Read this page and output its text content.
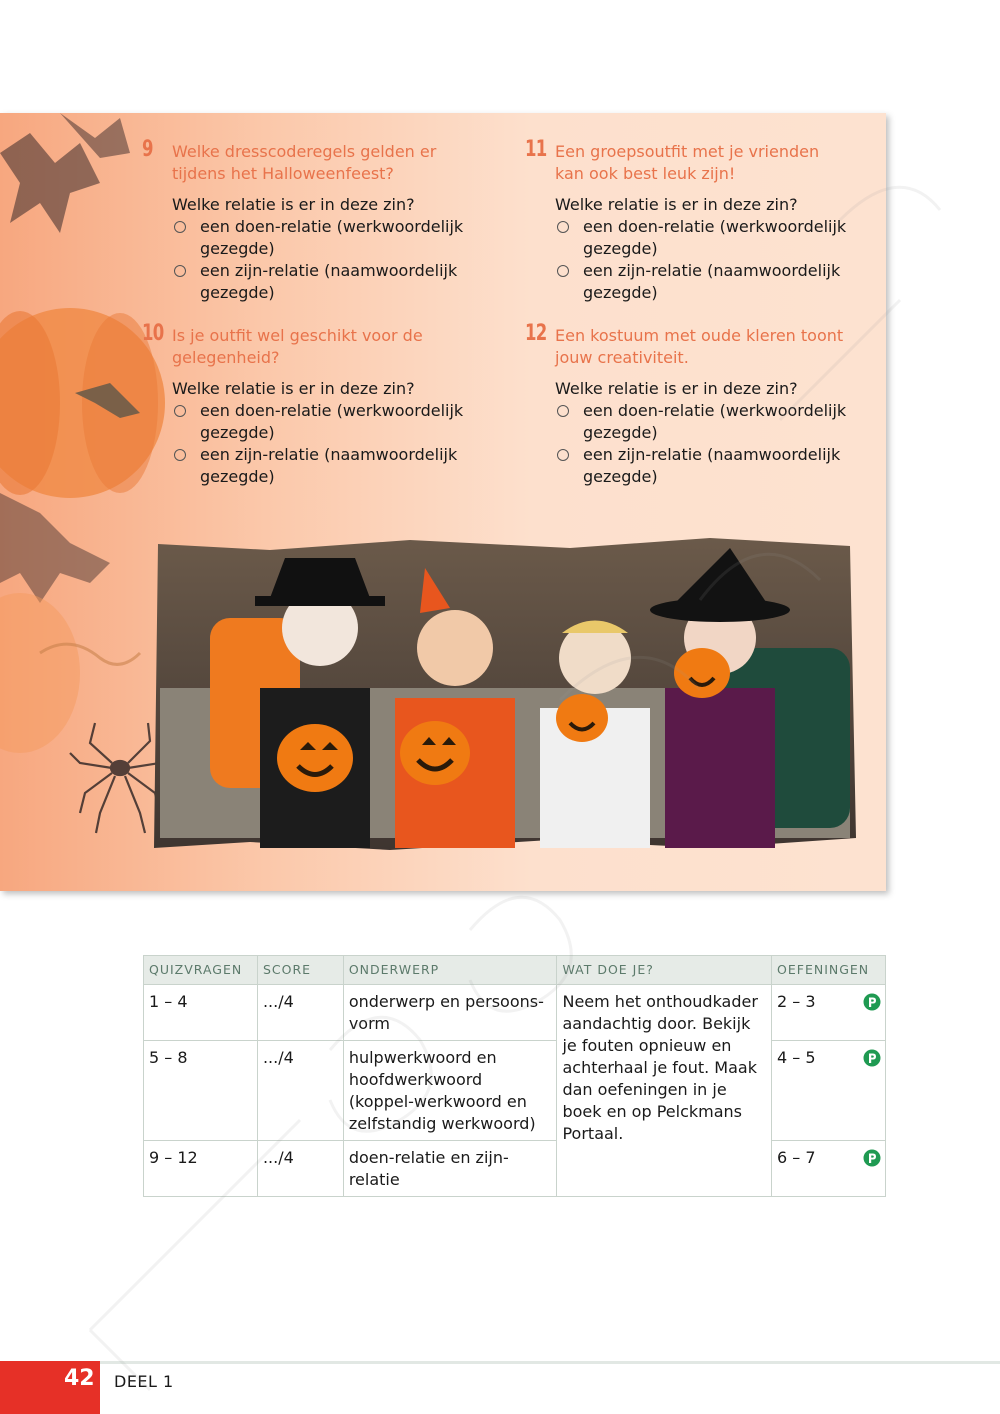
9 Welke dresscoderegels gelden er tijdens het Halloweenfeest?

Welke relatie is er in deze zin?

een doen-relatie (werkwoordelijk gezegde)
een zijn-relatie (naamwoordelijk gezegde)
11 Een groepsoutfit met je vrienden kan ook best leuk zijn!

Welke relatie is er in deze zin?

een doen-relatie (werkwoordelijk gezegde)
een zijn-relatie (naamwoordelijk gezegde)
10 Is je outfit wel geschikt voor de gelegenheid?

Welke relatie is er in deze zin?

een doen-relatie (werkwoordelijk gezegde)
een zijn-relatie (naamwoordelijk gezegde)
12 Een kostuum met oude kleren toont jouw creativiteit.

Welke relatie is er in deze zin?

een doen-relatie (werkwoordelijk gezegde)
een zijn-relatie (naamwoordelijk gezegde)
QUIZVRAGEN	SCORE	ONDERWERP	WAT DOE JE?	OEFENINGEN
1 – 4	.../4	onderwerp en persoons-vorm	Neem het onthoudkader aandachtig door. Bekijk je fouten opnieuw en achterhaal je fout. Maak dan oefeningen in je boek en op Pelckmans Portaal.	2 – 3

5 – 8	.../4	hulpwerkwoord en hoofdwerkwoord (koppel-werkwoord en zelfstandig werkwoord)		4 – 5

9 – 12	.../4	doen-relatie en zijn-relatie		6 – 7
42 DEEL 1
